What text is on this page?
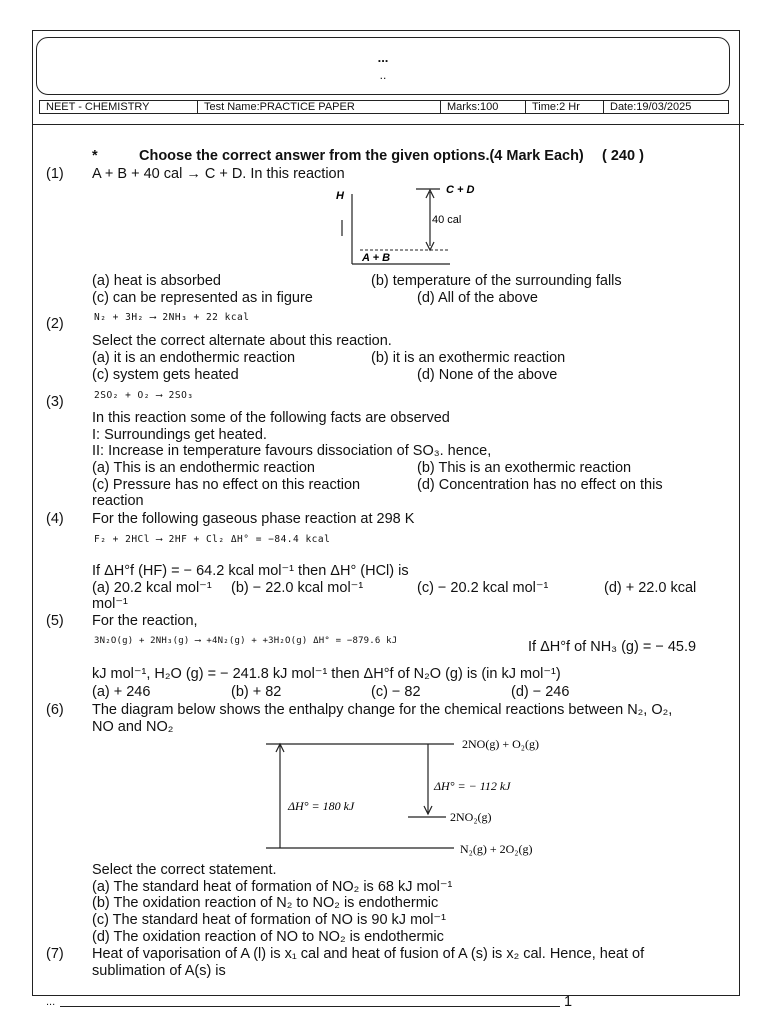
...
..
NEET - CHEMISTRY	Test Name:PRACTICE PAPER	Marks:100	Time:2 Hr	Date:19/03/2025
*	Choose the correct answer from the given options.(4 Mark Each) ( 240 )
(1) A + B + 40 cal → C + D. In this reaction
H	C + D
40 cal
A + B
(a) heat is absorbed	(b) temperature of the surrounding falls
(c) can be represented as in figure	(d) All of the above
(2)	N₂ + 3H₂ ⟶ 2NH₃ + 22 kcal
Select the correct alternate about this reaction.
(a) it is an endothermic reaction	(b) it is an exothermic reaction
(c) system gets heated	(d) None of the above
(3)	2SO₂ + O₂ ⟶ 2SO₃
In this reaction some of the following facts are observed
I: Surroundings get heated.
II: Increase in temperature favours dissociation of SO₃. hence,
(a) This is an endothermic reaction	(b) This is an exothermic reaction
(c) Pressure has no effect on this reaction	(d) Concentration has no effect on this
reaction
(4) For the following gaseous phase reaction at 298 K
F₂ + 2HCl ⟶ 2HF + Cl₂ ΔH° = −84.4 kcal
If ΔH°f (HF) = − 64.2 kcal mol⁻¹ then ΔH° (HCl) is
(a) 20.2 kcal mol⁻¹ (b) − 22.0 kcal mol⁻¹	(c) − 20.2 kcal mol⁻¹	(d) + 22.0 kcal
mol⁻¹
(5) For the reaction,
3N₂O(g) + 2NH₃(g) ⟶ +4N₂(g) + +3H₂O(g) ΔH° = −879.6 kJ	If ΔH°f of NH₃ (g) = − 45.9
kJ mol⁻¹, H₂O (g) = − 241.8 kJ mol⁻¹ then ΔH°f of N₂O (g) is (in kJ mol⁻¹)
(a) + 246	(b) + 82	(c) − 82	(d) − 246
(6) The diagram below shows the enthalpy change for the chemical reactions between N₂, O₂,
NO and NO₂
2NO(g) + O₂(g)
ΔH° = 180 kJ
ΔH° = − 112 kJ
2NO₂(g)
N₂(g) + 2O₂(g)
Select the correct statement.
(a) The standard heat of formation of NO₂ is 68 kJ mol⁻¹
(b) The oxidation reaction of N₂ to NO₂ is endothermic
(c) The standard heat of formation of NO is 90 kJ mol⁻¹
(d) The oxidation reaction of NO to NO₂ is endothermic
(7) Heat of vaporisation of A (l) is x₁ cal and heat of fusion of A (s) is x₂ cal. Hence, heat of
sublimation of A(s) is
...	1
